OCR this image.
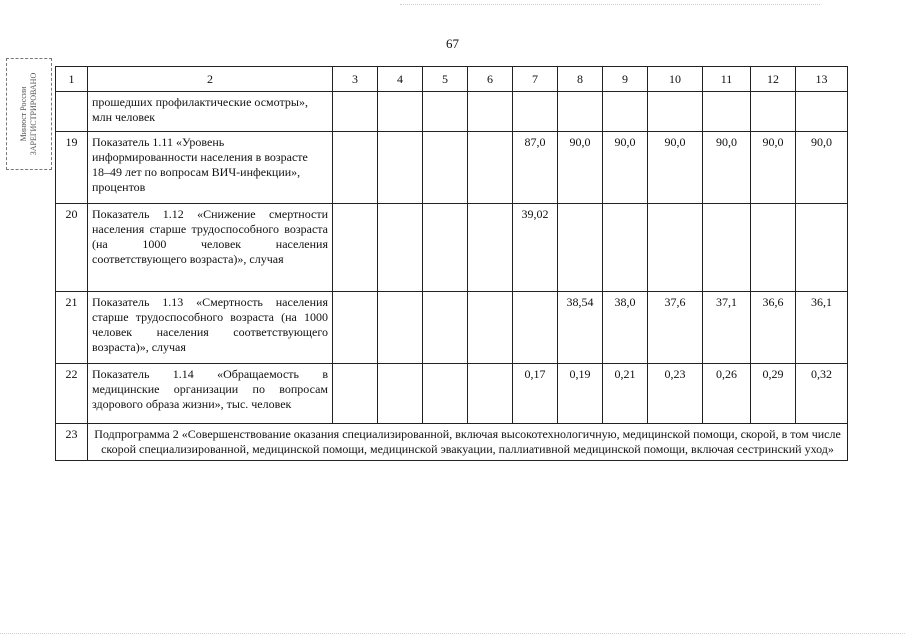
67
Минюст России ЗАРЕГИСТРИРОВАНО	1	2	3	4	5	6	7	8	9	10	11	12	13
	прошедших профилактические осмотры», млн человек											
19	Показатель 1.11 «Уровень информированности населения в возрасте 18–49 лет по вопросам ВИЧ-инфекции», процентов					87,0	90,0	90,0	90,0	90,0	90,0	90,0
20	Показатель 1.12 «Снижение смертности населения старше трудоспособного возраста (на 1000 человек населения соответствующего возраста)», случая					39,02						
21	Показатель 1.13 «Смертность населения старше трудоспособного возраста (на 1000 человек населения соответствующего возраста)», случая						38,54	38,0	37,6	37,1	36,6	36,1
22	Показатель 1.14 «Обращаемость в медицинские организации по вопросам здорового образа жизни», тыс. человек					0,17	0,19	0,21	0,23	0,26	0,29	0,32
23	Подпрограмма 2 «Совершенствование оказания специализированной, включая высокотехнологичную, медицинской помощи, скорой, в том числе скорой специализированной, медицинской помощи, медицинской эвакуации, паллиативной медицинской помощи, включая сестринский уход»											
